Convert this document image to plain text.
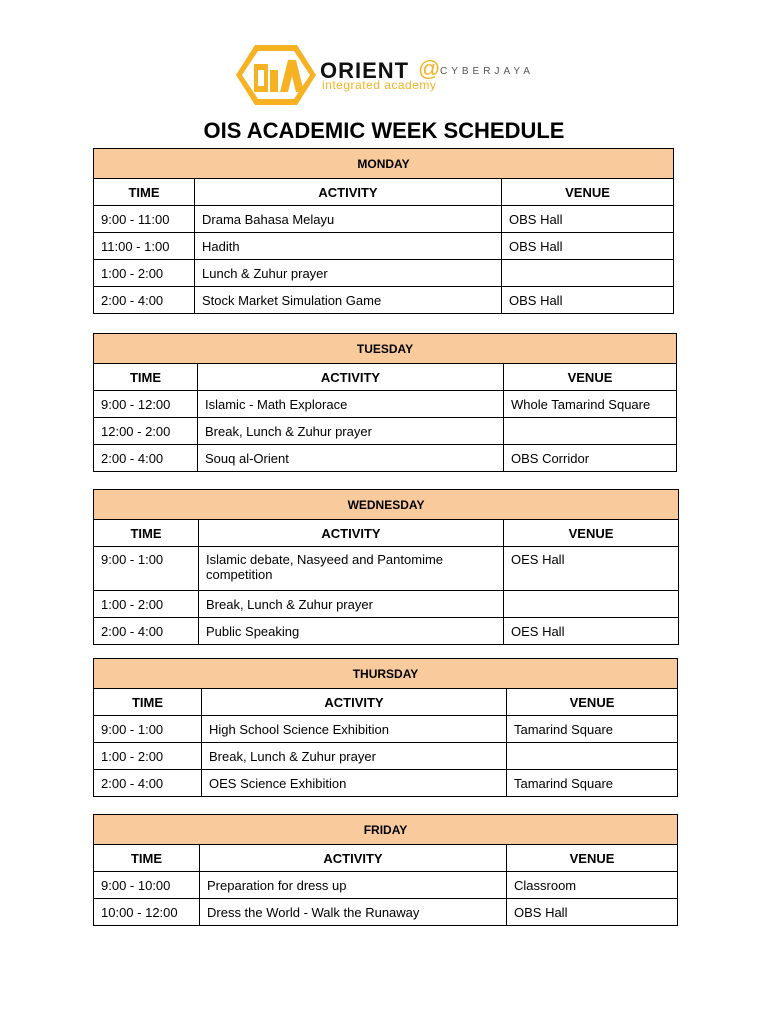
ORIENT @ CYBERJAYA
integrated academy
OIS ACADEMIC WEEK SCHEDULE
MONDAY		
TIME	ACTIVITY	VENUE
9:00 - 11:00	Drama Bahasa Melayu	OBS Hall
11:00 - 1:00	Hadith	OBS Hall
1:00 - 2:00	Lunch & Zuhur prayer	
2:00 - 4:00	Stock Market Simulation Game	OBS Hall
TUESDAY		
TIME	ACTIVITY	VENUE
9:00 - 12:00	Islamic - Math Explorace	Whole Tamarind Square
12:00 - 2:00	Break, Lunch & Zuhur prayer	
2:00 - 4:00	Souq al-Orient	OBS Corridor
WEDNESDAY		
TIME	ACTIVITY	VENUE
9:00 - 1:00	Islamic debate, Nasyeed and Pantomime competition	OES Hall
1:00 - 2:00	Break, Lunch & Zuhur prayer	
2:00 - 4:00	Public Speaking	OES Hall
THURSDAY		
TIME	ACTIVITY	VENUE
9:00 - 1:00	High School Science Exhibition	Tamarind Square
1:00 - 2:00	Break, Lunch & Zuhur prayer	
2:00 - 4:00	OES Science Exhibition	Tamarind Square
FRIDAY		
TIME	ACTIVITY	VENUE
9:00 - 10:00	Preparation for dress up	Classroom
10:00 - 12:00	Dress the World - Walk the Runaway	OBS Hall
